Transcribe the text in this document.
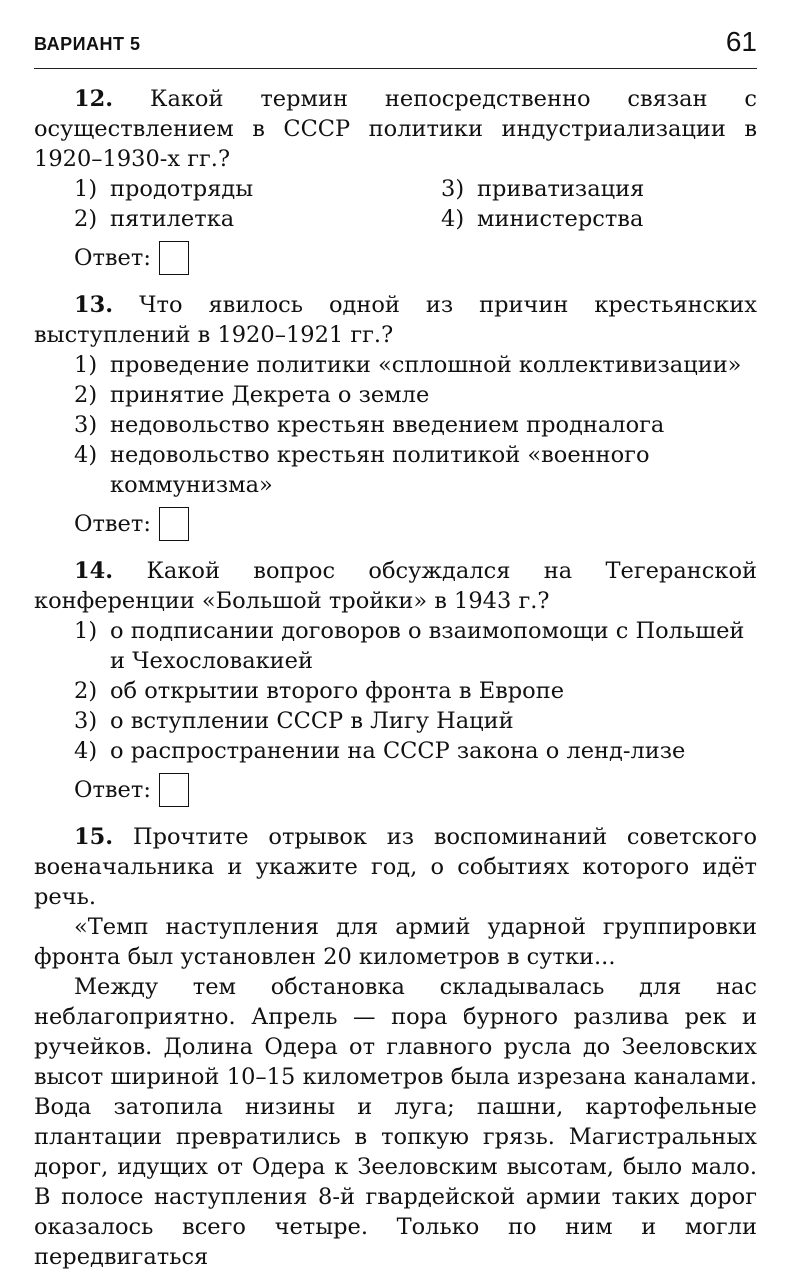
ВАРИАНТ 5	61

12. Какой термин непосредственно связан с осуществлением в СССР политики индустриализации в 1920–1930-х гг.?

1) продотряды	3) приватизация
2) пятилетка	4) министерства
Ответ:

13. Что явилось одной из причин крестьянских выступлений в 1920–1921 гг.?

1) проведение политики «сплошной коллективизации»
2) принятие Декрета о земле
3) недовольство крестьян введением продналога
4) недовольство крестьян политикой «военного коммунизма»
Ответ:

14. Какой вопрос обсуждался на Тегеранской конференции «Большой тройки» в 1943 г.?

1) о подписании договоров о взаимопомощи с Польшей и Чехословакией
2) об открытии второго фронта в Европе
3) о вступлении СССР в Лигу Наций
4) о распространении на СССР закона о ленд-лизе
Ответ:

15. Прочтите отрывок из воспоминаний советского военачальника и укажите год, о событиях которого идёт речь.

«Темп наступления для армий ударной группировки фронта был установлен 20 километров в сутки...

Между тем обстановка складывалась для нас неблагоприятно. Апрель — пора бурного разлива рек и ручейков. Долина Одера от главного русла до Зееловских высот шириной 10–15 километров была изрезана каналами. Вода затопила низины и луга; пашни, картофельные плантации превратились в топкую грязь. Магистральных дорог, идущих от Одера к Зееловским высотам, было мало. В полосе наступления 8-й гвардейской армии таких дорог оказалось всего четыре. Только по ним и могли передвигаться
